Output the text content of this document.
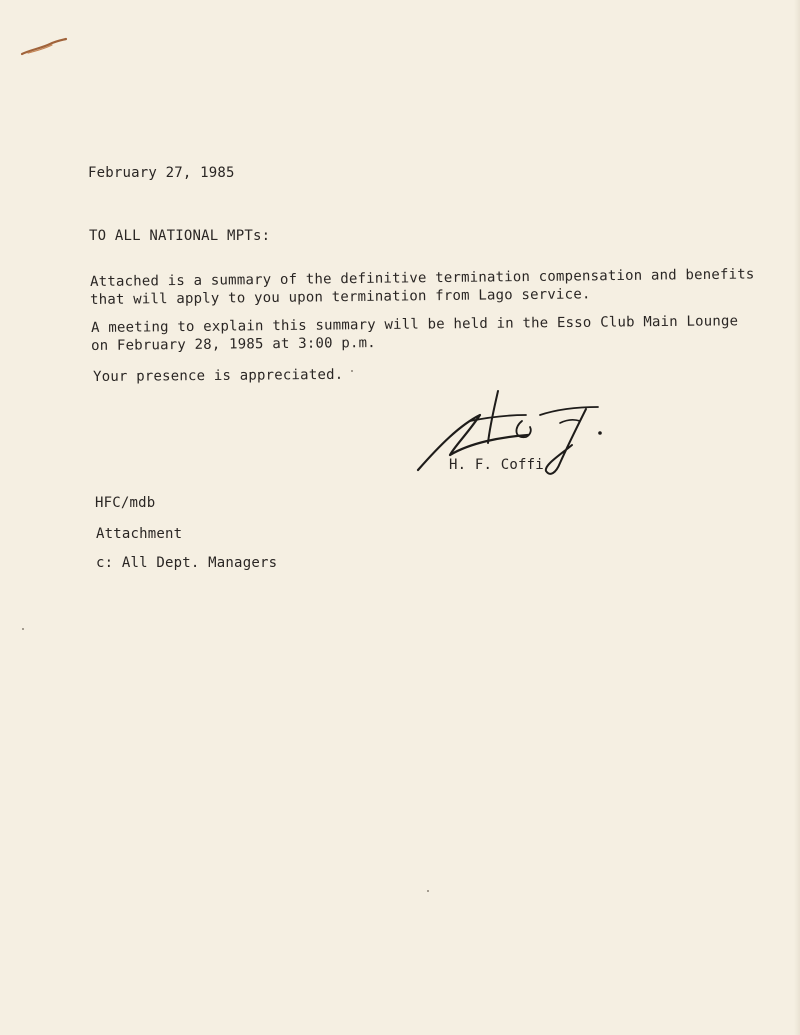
February 27, 1985
TO ALL NATIONAL MPTs:
Attached is a summary of the definitive termination compensation and benefits
that will apply to you upon termination from Lago service.
A meeting to explain this summary will be held in the Esso Club Main Lounge
on February 28, 1985 at 3:00 p.m.
Your presence is appreciated.
H. F. Coffi
HFC/mdb
Attachment
c: All Dept. Managers
